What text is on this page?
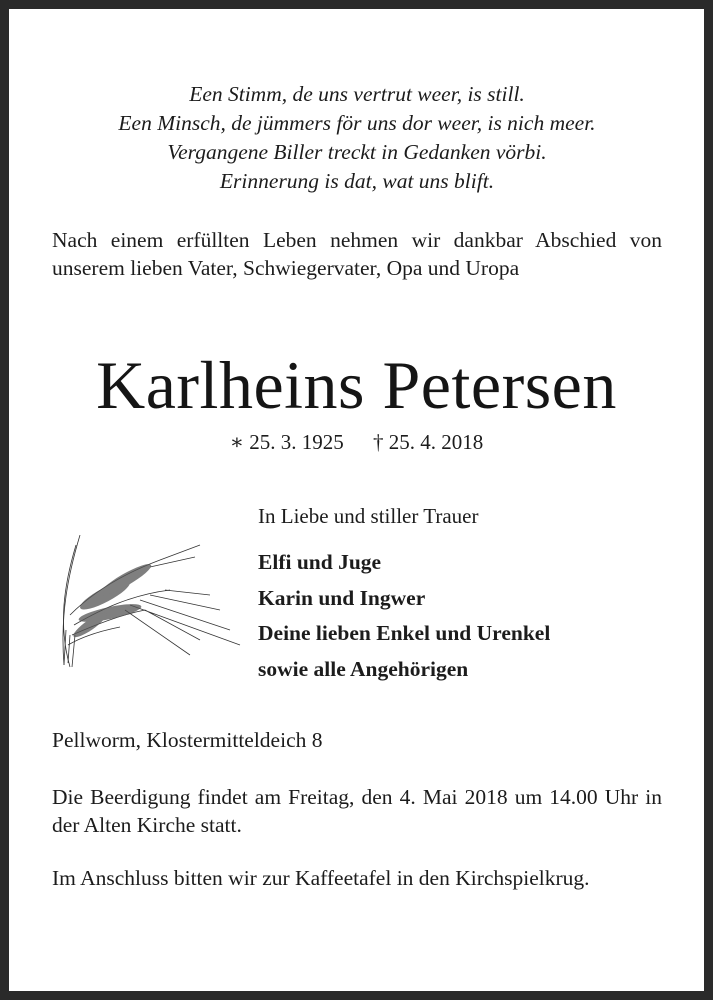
Een Stimm, de uns vertrut weer, is still.
Een Minsch, de jümmers för uns dor weer, is nich meer.
Vergangene Biller treckt in Gedanken vörbi.
Erinnerung is dat, wat uns blift.
Nach einem erfüllten Leben nehmen wir dankbar Abschied von unserem lieben Vater, Schwiegervater, Opa und Uropa
Karlheins Petersen
∗ 25. 3. 1925 † 25. 4. 2018
In Liebe und stiller Trauer
Elfi und Juge
Karin und Ingwer
Deine lieben Enkel und Urenkel
sowie alle Angehörigen
Pellworm, Klostermitteldeich 8
Die Beerdigung findet am Freitag, den 4. Mai 2018 um 14.00 Uhr in der Alten Kirche statt.
Im Anschluss bitten wir zur Kaffeetafel in den Kirchspielkrug.
